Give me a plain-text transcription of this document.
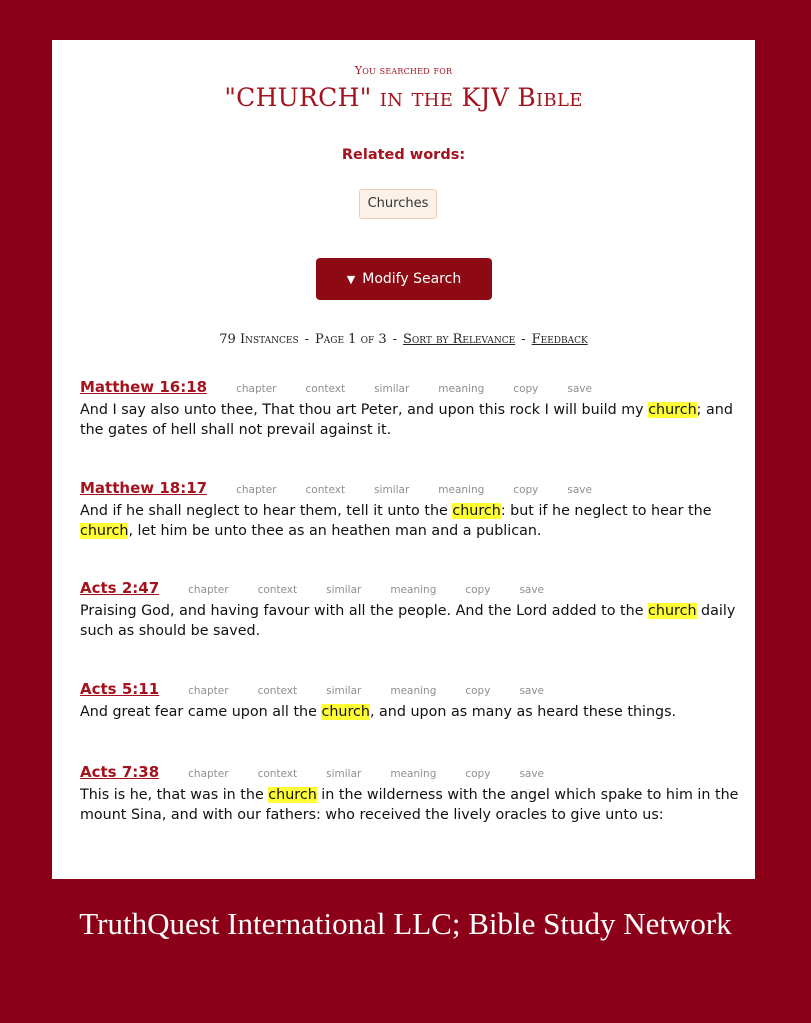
You searched for
"CHURCH" in the KJV Bible
Related words:
Churches
▼ Modify Search
79 Instances - Page 1 of 3 - Sort by Relevance - Feedback
Matthew 16:18	chapter	context	similar	meaning	copy	save
And I say also unto thee, That thou art Peter, and upon this rock I will build my church; and the gates of hell shall not prevail against it.
Matthew 18:17	chapter	context	similar	meaning	copy	save
And if he shall neglect to hear them, tell it unto the church: but if he neglect to hear the church, let him be unto thee as an heathen man and a publican.
Acts 2:47	chapter	context	similar	meaning	copy	save
Praising God, and having favour with all the people. And the Lord added to the church daily such as should be saved.
Acts 5:11	chapter	context	similar	meaning	copy	save
And great fear came upon all the church, and upon as many as heard these things.
Acts 7:38	chapter	context	similar	meaning	copy	save
This is he, that was in the church in the wilderness with the angel which spake to him in the mount Sina, and with our fathers: who received the lively oracles to give unto us:
TruthQuest International LLC; Bible Study Network
